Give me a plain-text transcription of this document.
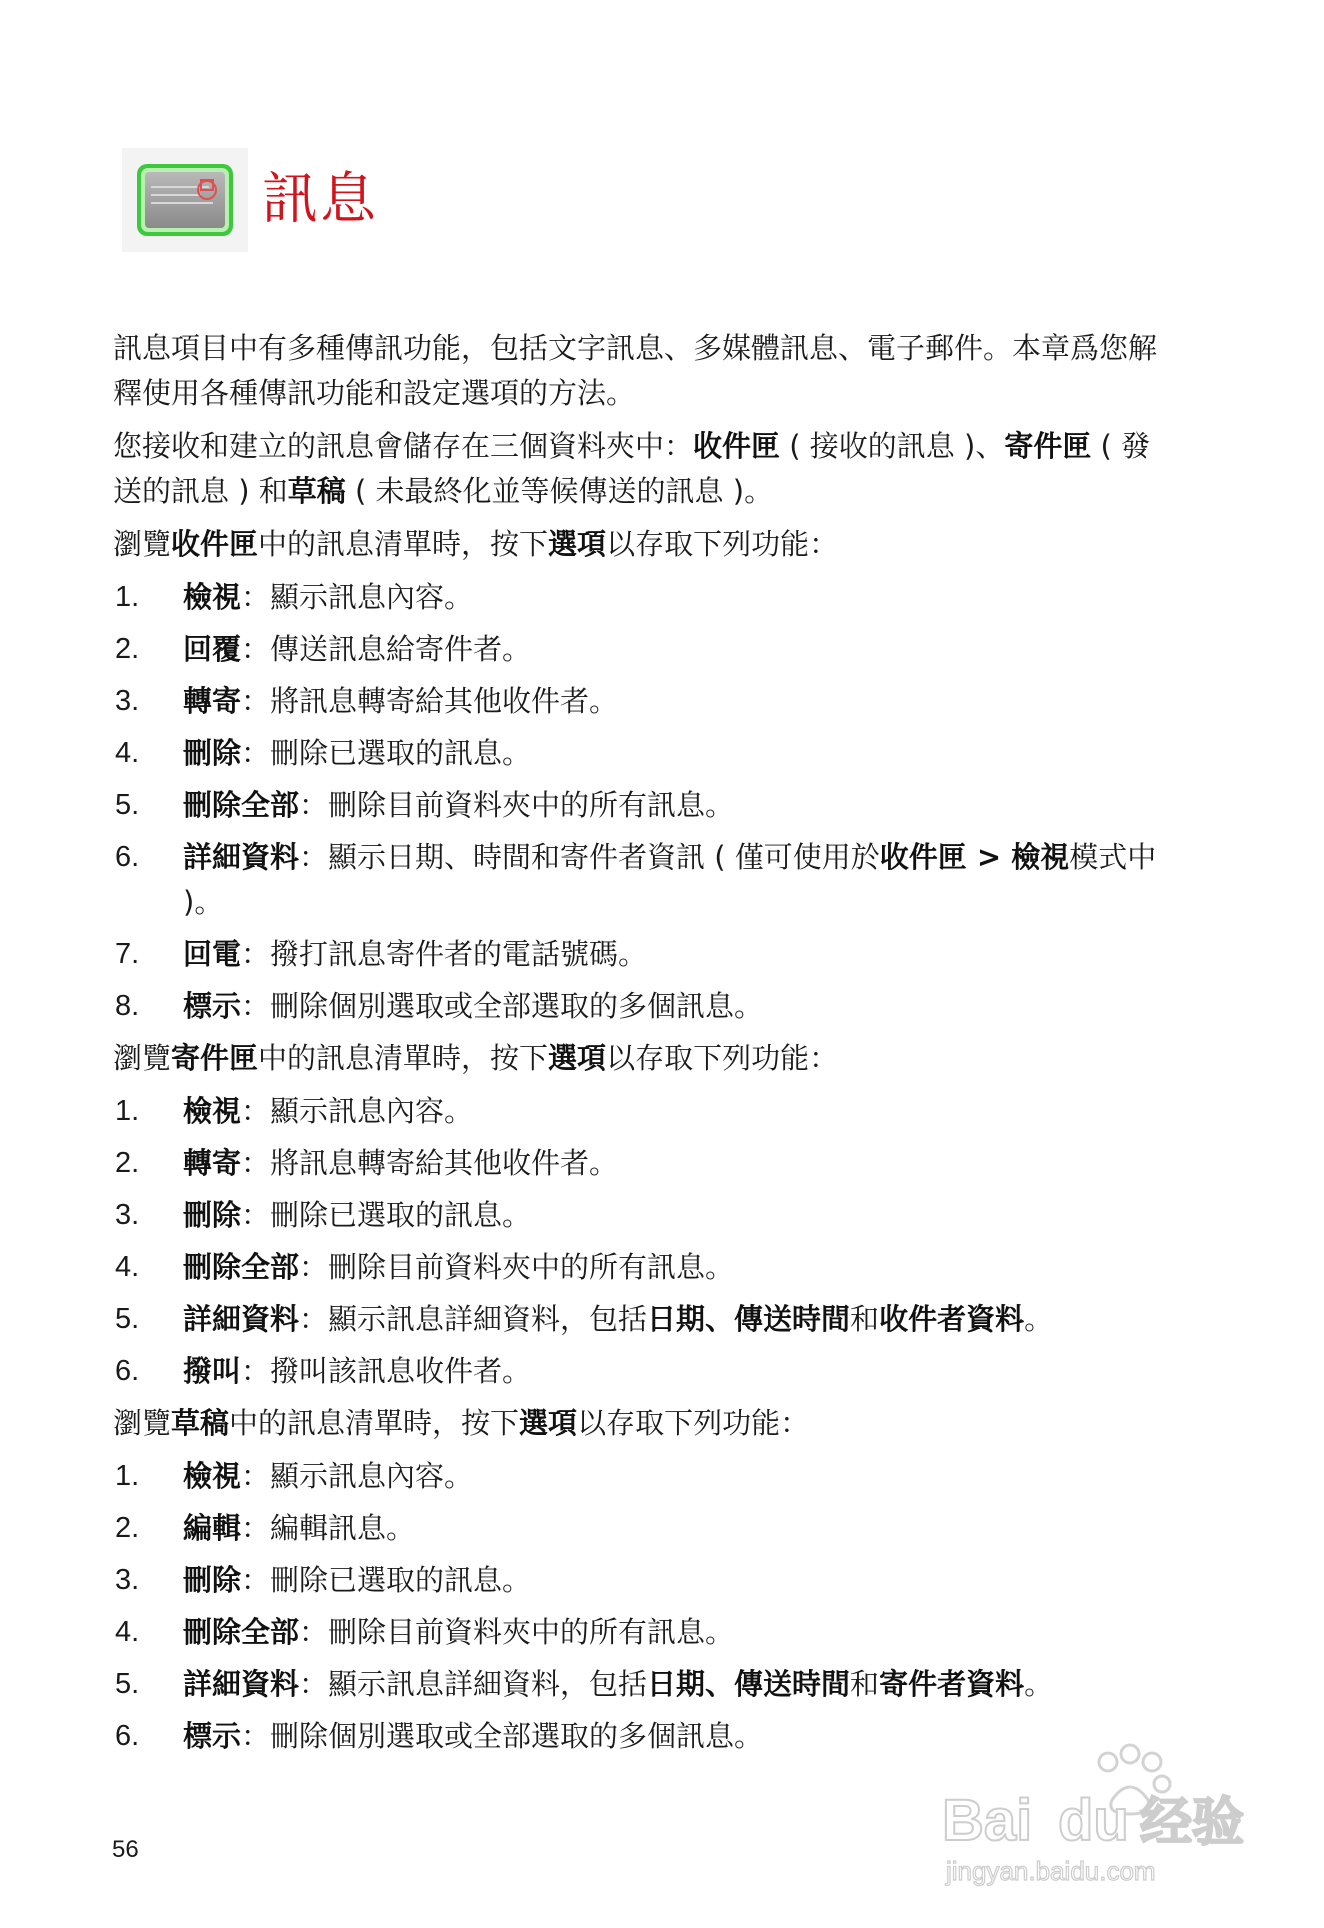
訊息

訊息項目中有多種傳訊功能，包括文字訊息、多媒體訊息、電子郵件。本章爲您解釋使用各種傳訊功能和設定選項的方法。

您接收和建立的訊息會儲存在三個資料夾中：收件匣 ( 接收的訊息 )、寄件匣 ( 發送的訊息 ) 和草稿 ( 未最終化並等候傳送的訊息 )。

瀏覽收件匣中的訊息清單時，按下選項以存取下列功能：

1.	檢視：顯示訊息內容。
2.	回覆：傳送訊息給寄件者。
3.	轉寄：將訊息轉寄給其他收件者。
4.	刪除：刪除已選取的訊息。
5.	刪除全部：刪除目前資料夾中的所有訊息。
6.	詳細資料：顯示日期、時間和寄件者資訊 ( 僅可使用於收件匣 > 檢視模式中 )。
7.	回電：撥打訊息寄件者的電話號碼。
8.	標示：刪除個別選取或全部選取的多個訊息。

瀏覽寄件匣中的訊息清單時，按下選項以存取下列功能：

1.	檢視：顯示訊息內容。
2.	轉寄：將訊息轉寄給其他收件者。
3.	刪除：刪除已選取的訊息。
4.	刪除全部：刪除目前資料夾中的所有訊息。
5.	詳細資料：顯示訊息詳細資料，包括日期、傳送時間和收件者資料。
6.	撥叫：撥叫該訊息收件者。

瀏覽草稿中的訊息清單時，按下選項以存取下列功能：

1.	檢視：顯示訊息內容。
2.	編輯：編輯訊息。
3.	刪除：刪除已選取的訊息。
4.	刪除全部：刪除目前資料夾中的所有訊息。
5.	詳細資料：顯示訊息詳細資料，包括日期、傳送時間和寄件者資料。
6.	標示：刪除個別選取或全部選取的多個訊息。
56	Bai du 经验
jingyan.baidu.com
